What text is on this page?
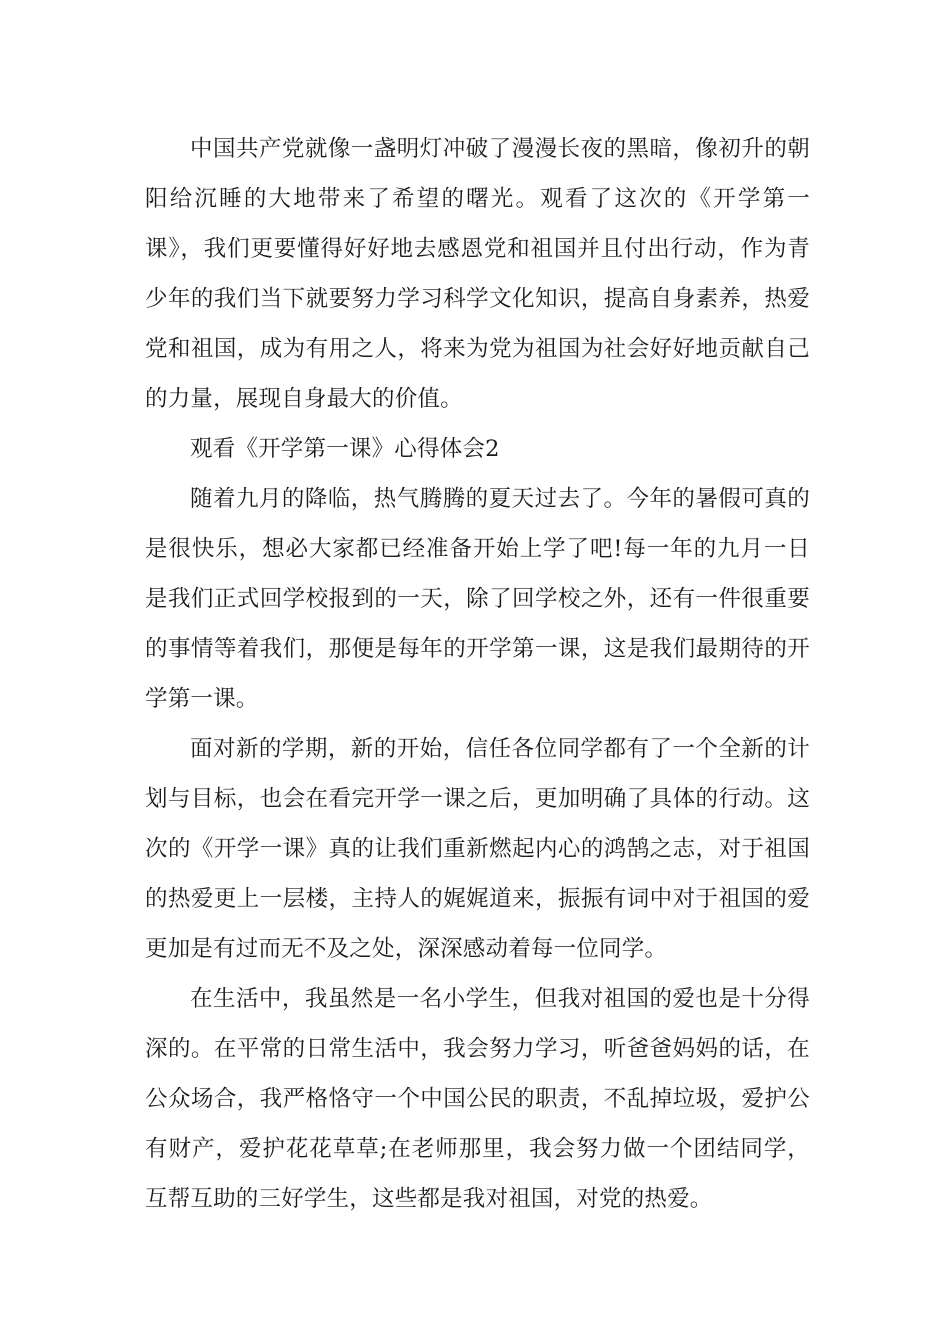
中国共产党就像一盏明灯冲破了漫漫长夜的黑暗，像初升的朝阳给沉睡的大地带来了希望的曙光。观看了这次的《开学第一课》，我们更要懂得好好地去感恩党和祖国并且付出行动，作为青少年的我们当下就要努力学习科学文化知识，提高自身素养，热爱党和祖国，成为有用之人，将来为党为祖国为社会好好地贡献自己的力量，展现自身最大的价值。

观看《开学第一课》心得体会2

随着九月的降临，热气腾腾的夏天过去了。今年的暑假可真的是很快乐，想必大家都已经准备开始上学了吧!每一年的九月一日是我们正式回学校报到的一天，除了回学校之外，还有一件很重要的事情等着我们，那便是每年的开学第一课，这是我们最期待的开学第一课。

面对新的学期，新的开始，信任各位同学都有了一个全新的计划与目标，也会在看完开学一课之后，更加明确了具体的行动。这次的《开学一课》真的让我们重新燃起内心的鸿鹄之志，对于祖国的热爱更上一层楼，主持人的娓娓道来，振振有词中对于祖国的爱更加是有过而无不及之处，深深感动着每一位同学。

在生活中，我虽然是一名小学生，但我对祖国的爱也是十分得深的。在平常的日常生活中，我会努力学习，听爸爸妈妈的话，在公众场合，我严格恪守一个中国公民的职责，不乱掉垃圾，爱护公有财产，爱护花花草草;在老师那里，我会努力做一个团结同学，互帮互助的三好学生，这些都是我对祖国，对党的热爱。
